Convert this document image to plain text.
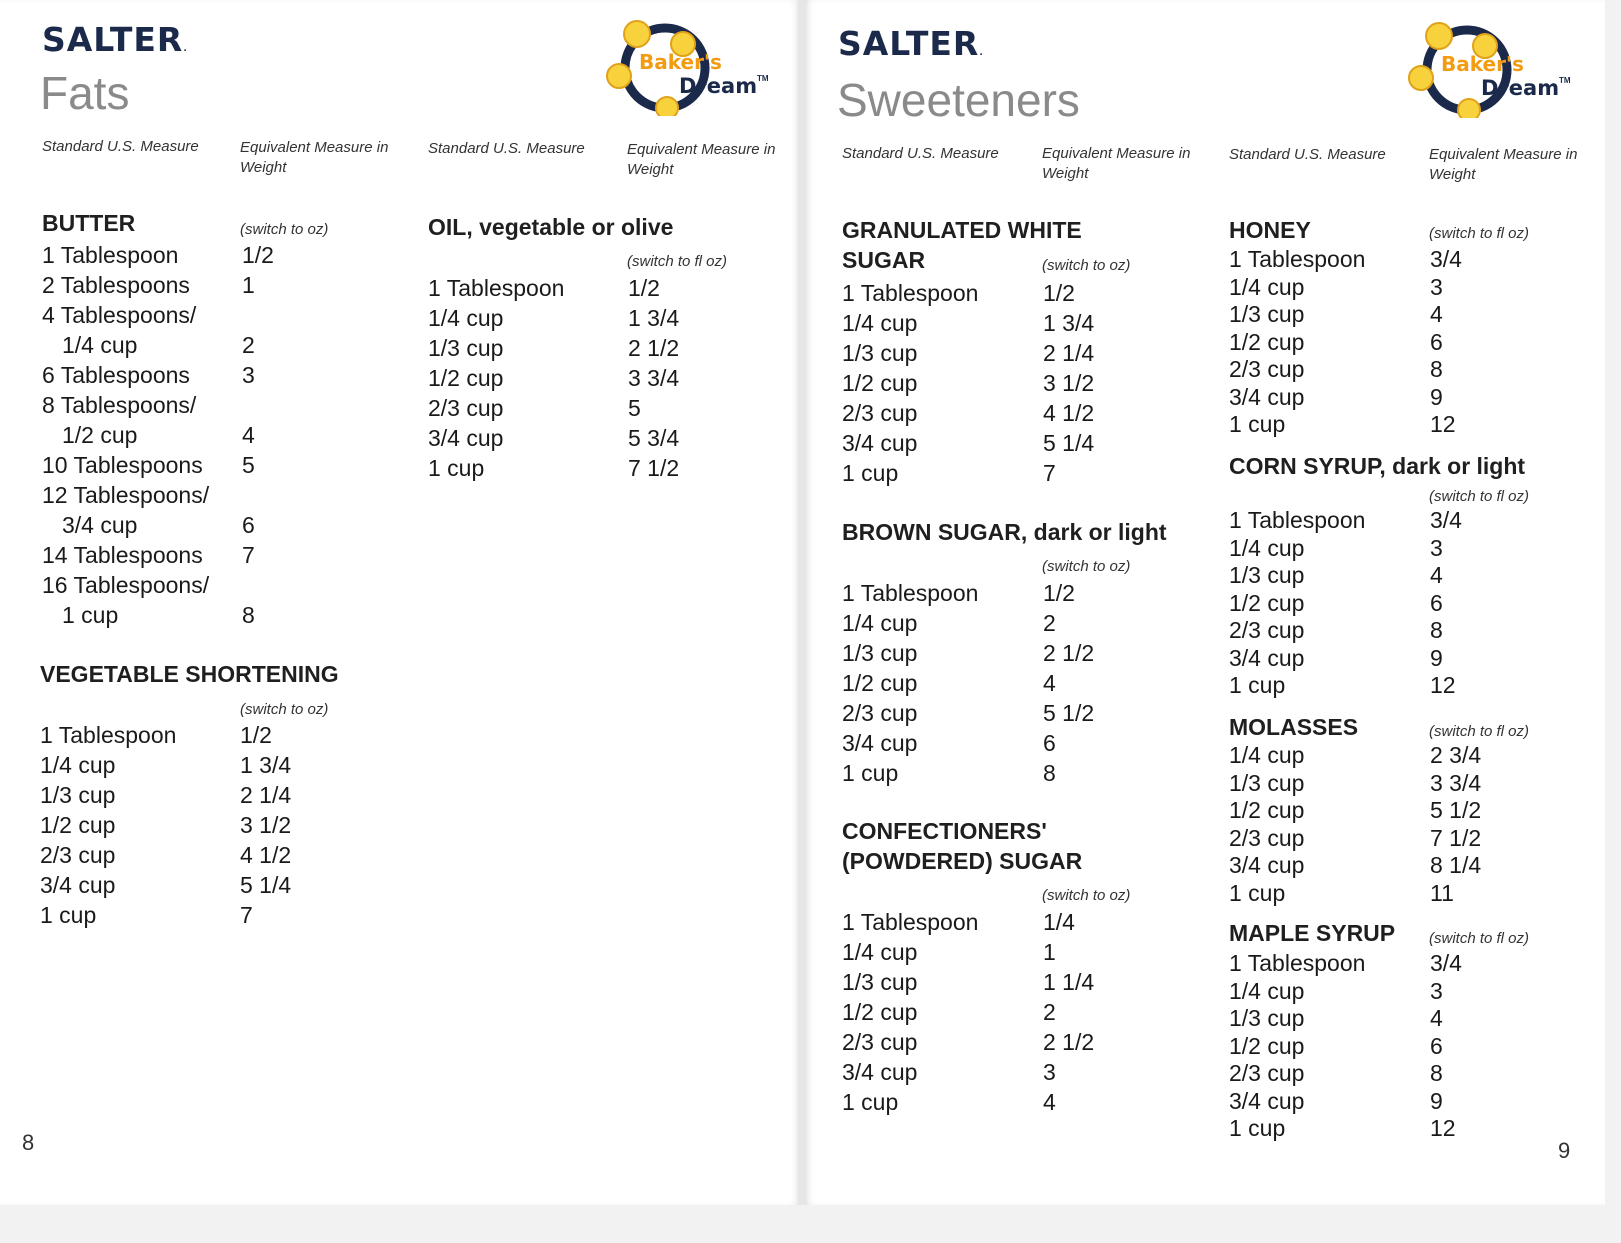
SALTER.
Fats
Baker's
Dream TM
Standard U.S. Measure	Equivalent Measure in Weight
Standard U.S. Measure	Equivalent Measure in Weight
BUTTER	(switch to oz)
1 Tablespoon	1/2
2 Tablespoons 1
4 Tablespoons/
1/4 cup	2
6 Tablespoons 3
8 Tablespoons/
1/2 cup	4
10 Tablespoons 5
12 Tablespoons/
3/4 cup	6
14 Tablespoons 7
16 Tablespoons/
1 cup	8
VEGETABLE SHORTENING
(switch to oz)
1 Tablespoon	1/2
1/4 cup	1 3/4
1/3 cup	2 1/4
1/2 cup	3 1/2
2/3 cup	4 1/2
3/4 cup	5 1/4
1 cup	7
OIL, vegetable or olive
(switch to fl oz)
1 Tablespoon	1/2
1/4 cup	1 3/4
1/3 cup	2 1/2
1/2 cup	3 3/4
2/3 cup	5
3/4 cup	5 3/4
1 cup	7 1/2
8
SALTER.
Sweeteners
Baker's
Dream TM
Standard U.S. Measure	Equivalent Measure in Weight
Standard U.S. Measure	Equivalent Measure in Weight
GRANULATED WHITE
SUGAR	(switch to oz)
1 Tablespoon	1/2
1/4 cup	1 3/4
1/3 cup	2 1/4
1/2 cup	3 1/2
2/3 cup	4 1/2
3/4 cup	5 1/4
1 cup	7
BROWN SUGAR, dark or light
(switch to oz)
1 Tablespoon	1/2
1/4 cup	2
1/3 cup	2 1/2
1/2 cup	4
2/3 cup	5 1/2
3/4 cup	6
1 cup	8
CONFECTIONERS'
(POWDERED) SUGAR
(switch to oz)
1 Tablespoon	1/4
1/4 cup	1
1/3 cup	1 1/4
1/2 cup	2
2/3 cup	2 1/2
3/4 cup	3
1 cup	4
HONEY	(switch to fl oz)
1 Tablespoon	3/4
1/4 cup	3
1/3 cup	4
1/2 cup	6
2/3 cup	8
3/4 cup	9
1 cup	12
CORN SYRUP, dark or light
(switch to fl oz)
1 Tablespoon	3/4
1/4 cup	3
1/3 cup	4
1/2 cup	6
2/3 cup	8
3/4 cup	9
1 cup	12
MOLASSES	(switch to fl oz)
1/4 cup	2 3/4
1/3 cup	3 3/4
1/2 cup	5 1/2
2/3 cup	7 1/2
3/4 cup	8 1/4
1 cup	11
MAPLE SYRUP (switch to fl oz)
1 Tablespoon	3/4
1/4 cup	3
1/3 cup	4
1/2 cup	6
2/3 cup	8
3/4 cup	9
1 cup	12
9
